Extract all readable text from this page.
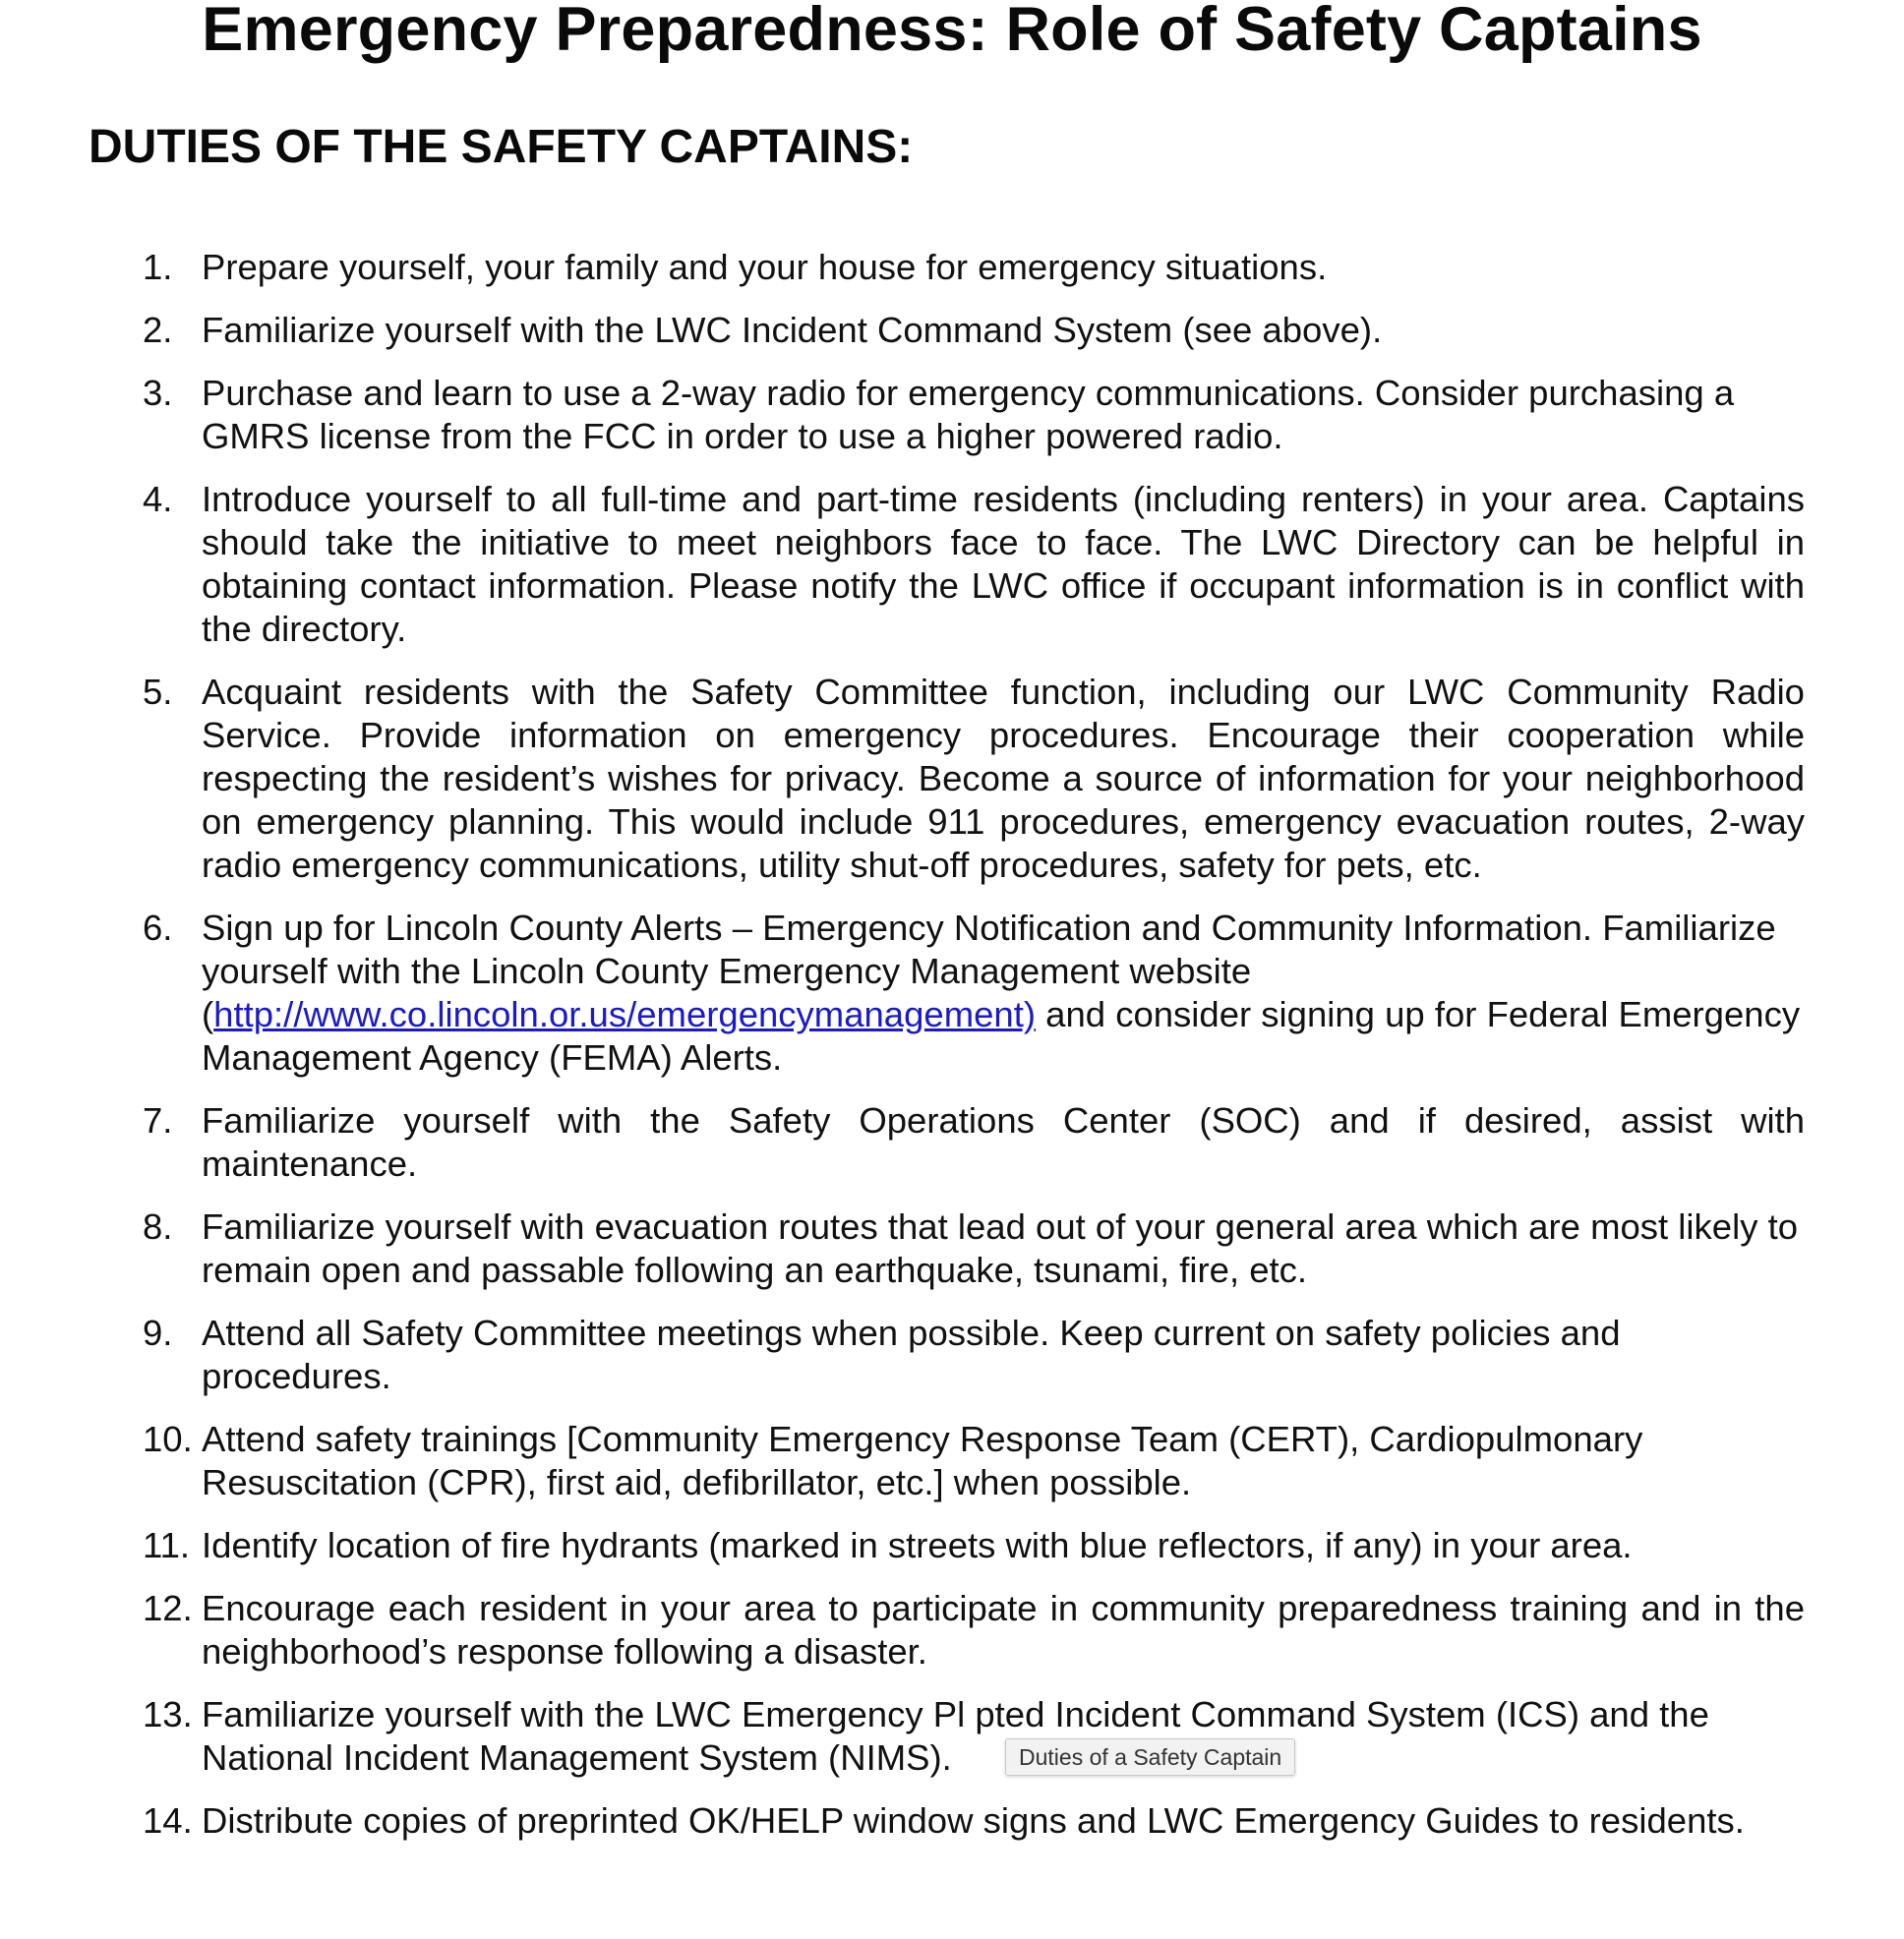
Emergency Preparedness: Role of Safety Captains
DUTIES OF THE SAFETY CAPTAINS:
1. Prepare yourself, your family and your house for emergency situations.
2. Familiarize yourself with the LWC Incident Command System (see above).
3. Purchase and learn to use a 2-way radio for emergency communications. Consider purchasing a GMRS license from the FCC in order to use a higher powered radio.
4. Introduce yourself to all full-time and part-time residents (including renters) in your area. Captains should take the initiative to meet neighbors face to face. The LWC Directory can be helpful in obtaining contact information. Please notify the LWC office if occupant information is in conflict with the directory.
5. Acquaint residents with the Safety Committee function, including our LWC Community Radio Service. Provide information on emergency procedures. Encourage their cooperation while respecting the resident’s wishes for privacy. Become a source of information for your neighborhood on emergency planning. This would include 911 procedures, emergency evacuation routes, 2-way radio emergency communications, utility shut-off procedures, safety for pets, etc.
6. Sign up for Lincoln County Alerts – Emergency Notification and Community Information. Familiarize yourself with the Lincoln County Emergency Management website (http://www.co.lincoln.or.us/emergencymanagement) and consider signing up for Federal Emergency Management Agency (FEMA) Alerts.
7. Familiarize yourself with the Safety Operations Center (SOC) and if desired, assist with maintenance.
8. Familiarize yourself with evacuation routes that lead out of your general area which are most likely to remain open and passable following an earthquake, tsunami, fire, etc.
9. Attend all Safety Committee meetings when possible. Keep current on safety policies and procedures.
10. Attend safety trainings [Community Emergency Response Team (CERT), Cardiopulmonary Resuscitation (CPR), first aid, defibrillator, etc.] when possible.
11. Identify location of fire hydrants (marked in streets with blue reflectors, if any) in your area.
12. Encourage each resident in your area to participate in community preparedness training and in the neighborhood’s response following a disaster.
13. Familiarize yourself with the LWC Emergency Pl pted Incident Command System (ICS) and the National Incident Management System (NIMS).
14. Distribute copies of preprinted OK/HELP window signs and LWC Emergency Guides to residents.
Duties of a Safety Captain
